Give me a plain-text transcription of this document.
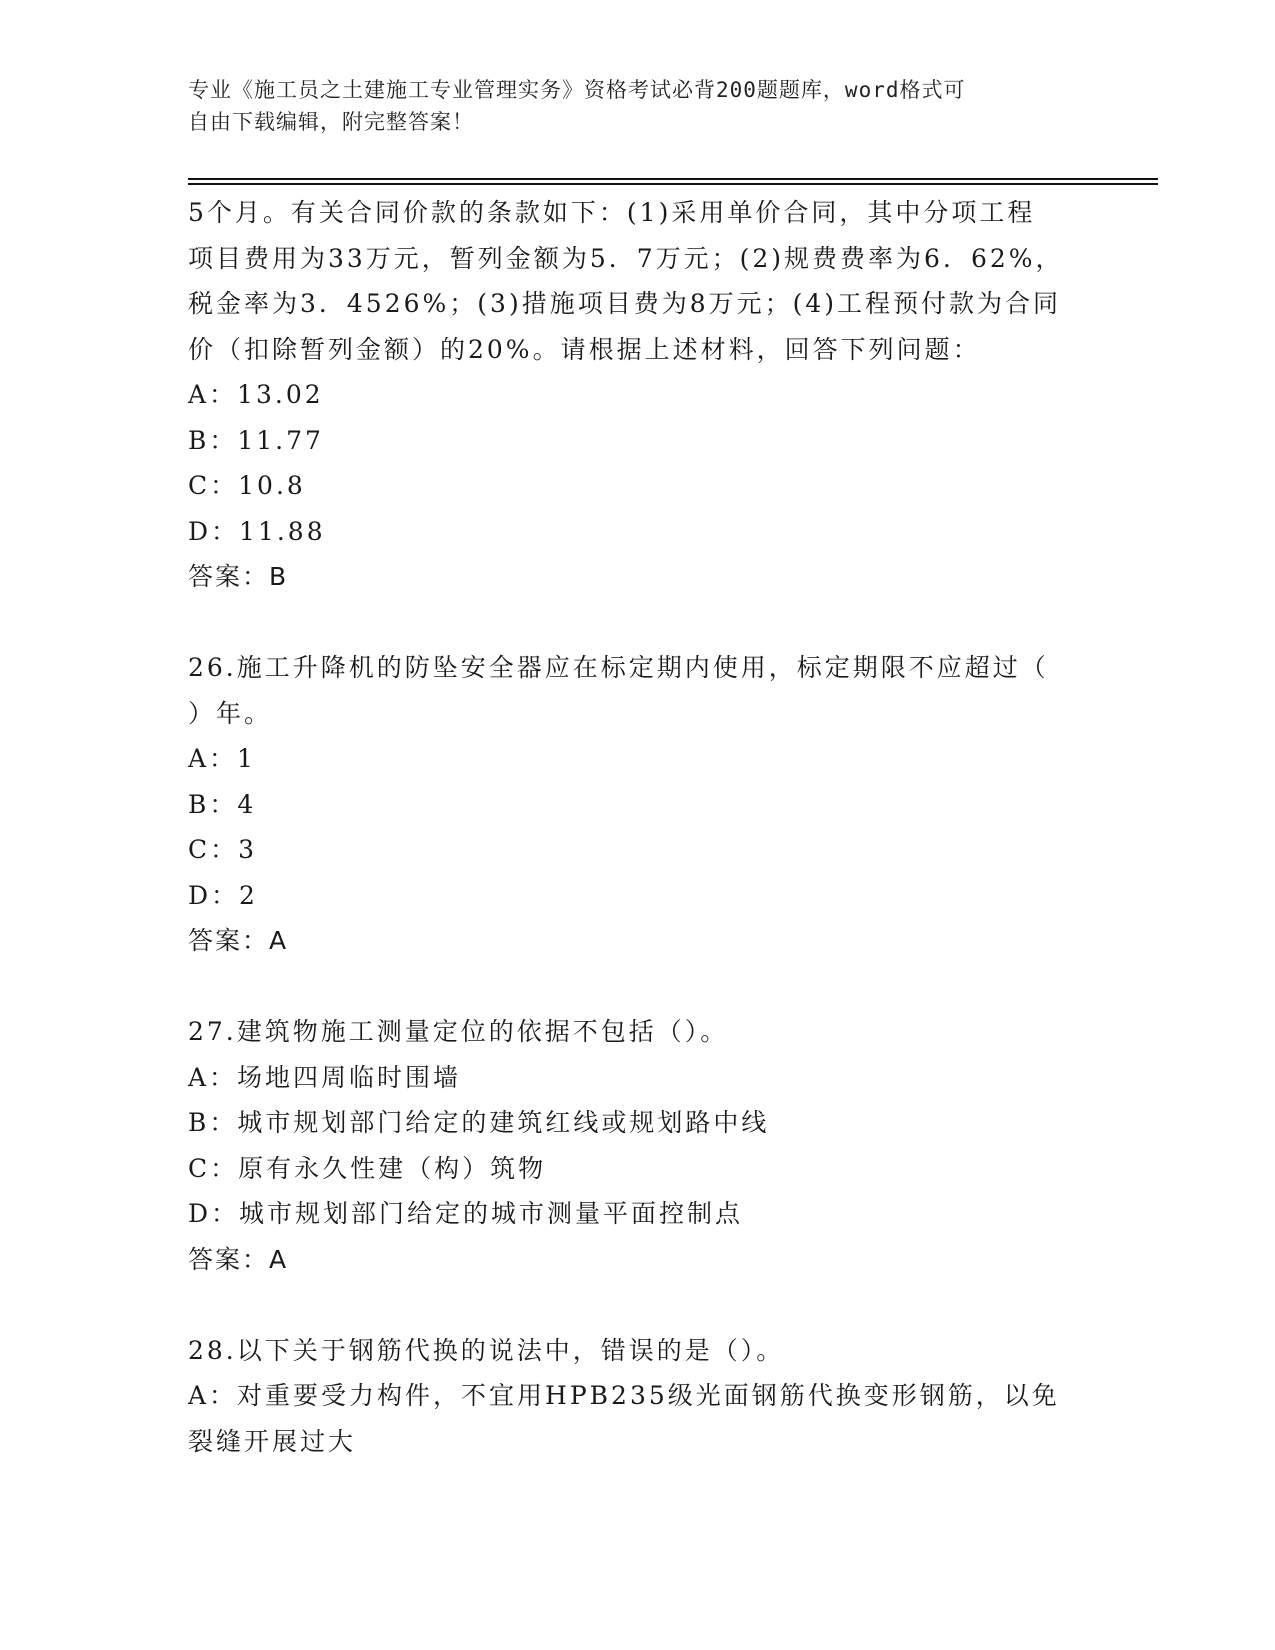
专业《施工员之土建施工专业管理实务》资格考试必背200题题库，word格式可
自由下载编辑，附完整答案！

5个月。有关合同价款的条款如下：(1)采用单价合同，其中分项工程

项目费用为33万元，暂列金额为5．7万元；(2)规费费率为6．62%，

税金率为3．4526%；(3)措施项目费为8万元；(4)工程预付款为合同

价（扣除暂列金额）的20%。请根据上述材料，回答下列问题：

A：13.02

B：11.77

C：10.8

D：11.88

答案：B

26.施工升降机的防坠安全器应在标定期内使用，标定期限不应超过（

）年。

A：1

B：4

C：3

D：2

答案：A

27.建筑物施工测量定位的依据不包括（）。

A：场地四周临时围墙

B：城市规划部门给定的建筑红线或规划路中线

C：原有永久性建（构）筑物

D：城市规划部门给定的城市测量平面控制点

答案：A

28.以下关于钢筋代换的说法中，错误的是（）。

A：对重要受力构件，不宜用HPB235级光面钢筋代换变形钢筋，以免

裂缝开展过大
